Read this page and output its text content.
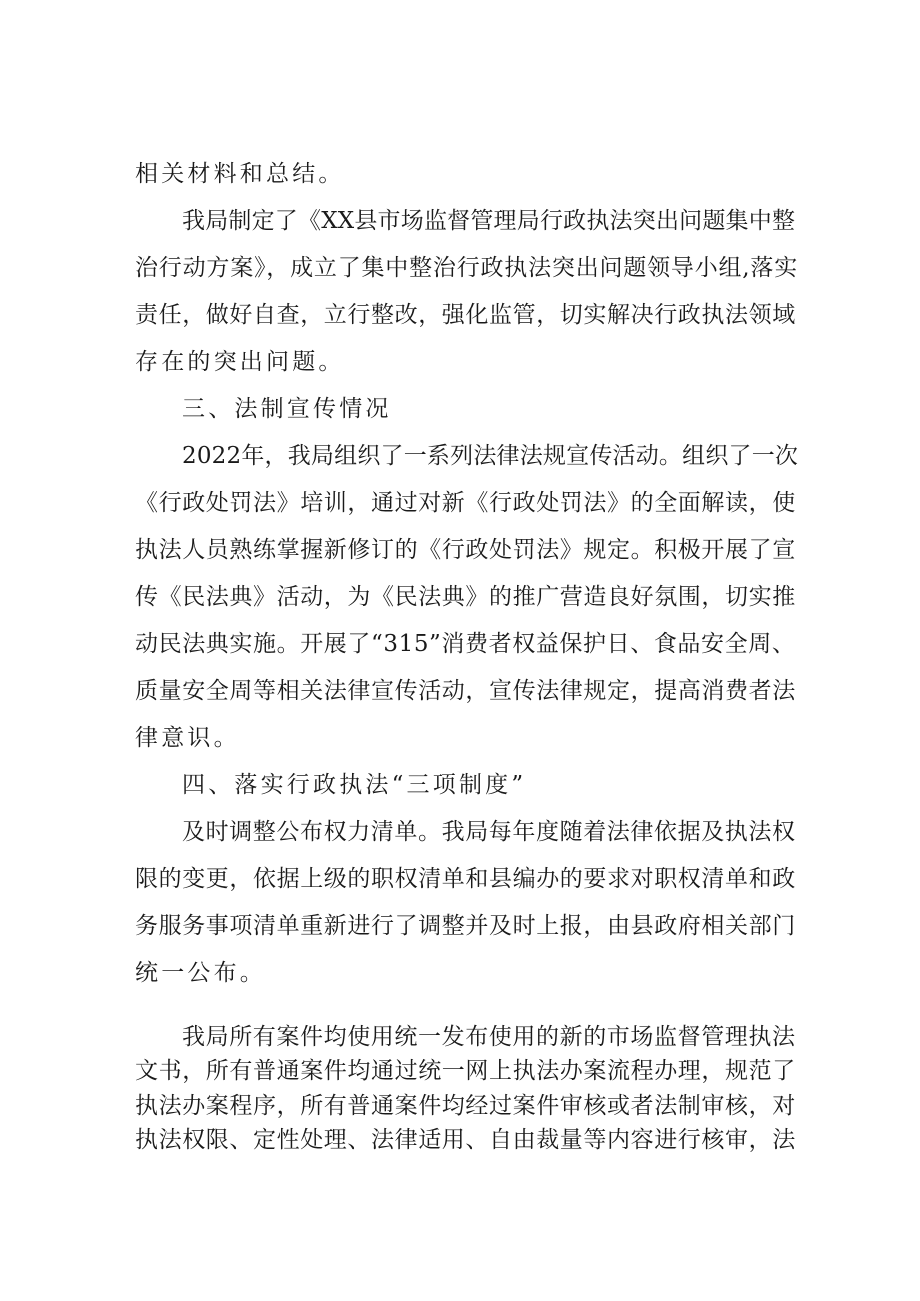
相关材料和总结。
我局制定了《XX县市场监督管理局行政执法突出问题集中整
治行动方案》，成立了集中整治行政执法突出问题领导小组,落实
责任，做好自查，立行整改，强化监管，切实解决行政执法领域
存在的突出问题。
三、法制宣传情况
2022年，我局组织了一系列法律法规宣传活动。组织了一次
《行政处罚法》培训，通过对新《行政处罚法》的全面解读，使
执法人员熟练掌握新修订的《行政处罚法》规定。积极开展了宣
传《民法典》活动，为《民法典》的推广营造良好氛围，切实推
动民法典实施。开展了“315”消费者权益保护日、食品安全周、
质量安全周等相关法律宣传活动，宣传法律规定，提高消费者法
律意识。
四、落实行政执法“三项制度”
及时调整公布权力清单。我局每年度随着法律依据及执法权
限的变更，依据上级的职权清单和县编办的要求对职权清单和政
务服务事项清单重新进行了调整并及时上报，由县政府相关部门
统一公布。
我局所有案件均使用统一发布使用的新的市场监督管理执法
文书，所有普通案件均通过统一网上执法办案流程办理，规范了
执法办案程序，所有普通案件均经过案件审核或者法制审核，对
执法权限、定性处理、法律适用、自由裁量等内容进行核审，法
